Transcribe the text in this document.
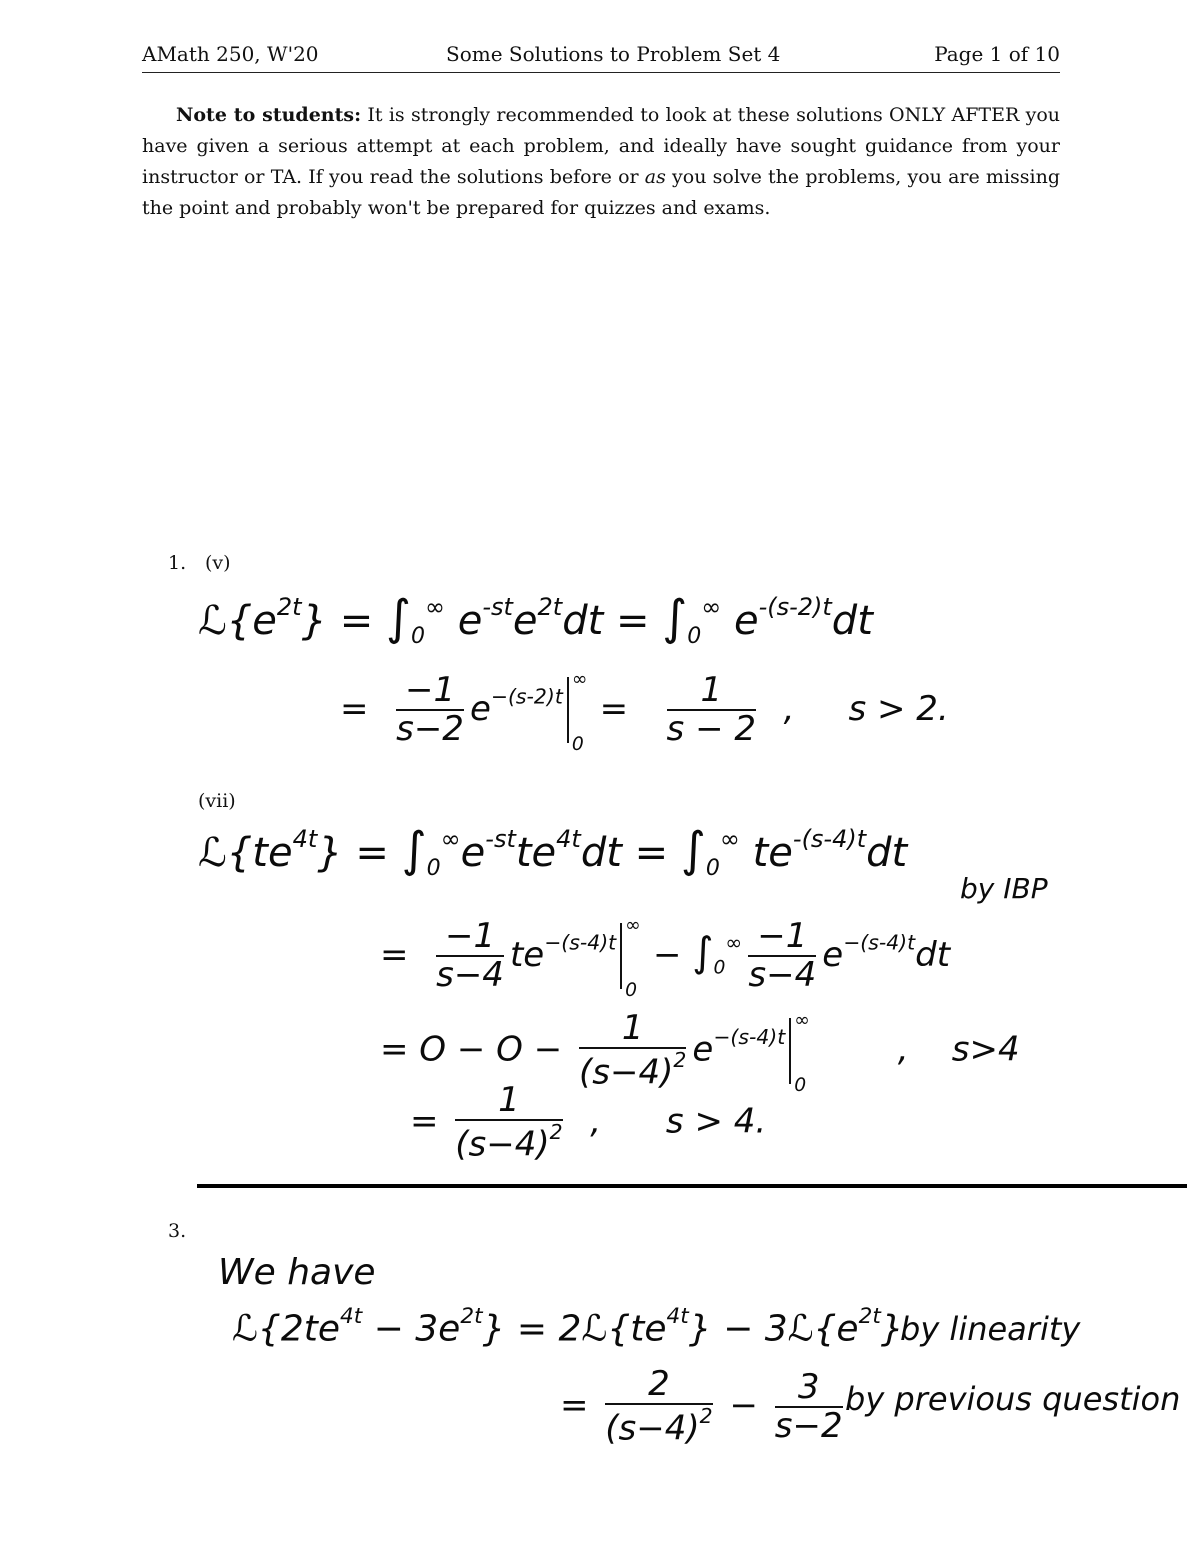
AMath 250, W'20	Some Solutions to Problem Set 4	Page 1 of 10
Note to students: It is strongly recommended to look at these solutions ONLY AFTER you have given a serious attempt at each problem, and ideally have sought guidance from your instructor or TA. If you read the solutions before or as you solve the problems, you are missing the point and probably won't be prepared for quizzes and exams.
1. (v)
$ℒ\{e^{2t}\} = \int_0^\infty$ $e^{-st}e^{2t}dt = \int_0^\infty$ $e^{-(s-2)t}dt$
= $\frac{-1}{s-2} e^{-(s-2)t}$
∞
0
= $\frac{1}{s - 2}$ ,     s > 2.
(vii)
$ℒ\{te^{4t}\} = \int_0^\infty e^{-st}te^{4t}dt = \int_0^\infty$ $te^{-(s-4)t}dt$
by IBP
= $\frac{-1}{s-4} te^{-(s-4)t}$
∞
0
− $\int_0^\infty \frac{-1}{s-4} e^{-(s-4)t}dt$
= $O - O - \frac{1}{(s-4)^2} e^{-(s-4)t}$
∞
0
,    s>4
= $\frac{1}{(s-4)^2}$ ,      s > 4.
3.
We have
$ℒ\{2te^{4t} - 3e^{2t}\}$ = $2ℒ\{te^{4t}\}$ − $3ℒ\{e^{2t}\}$
by linearity
= $\frac{2}{(s-4)^2} - \frac{3}{s-2}$ by previous question
